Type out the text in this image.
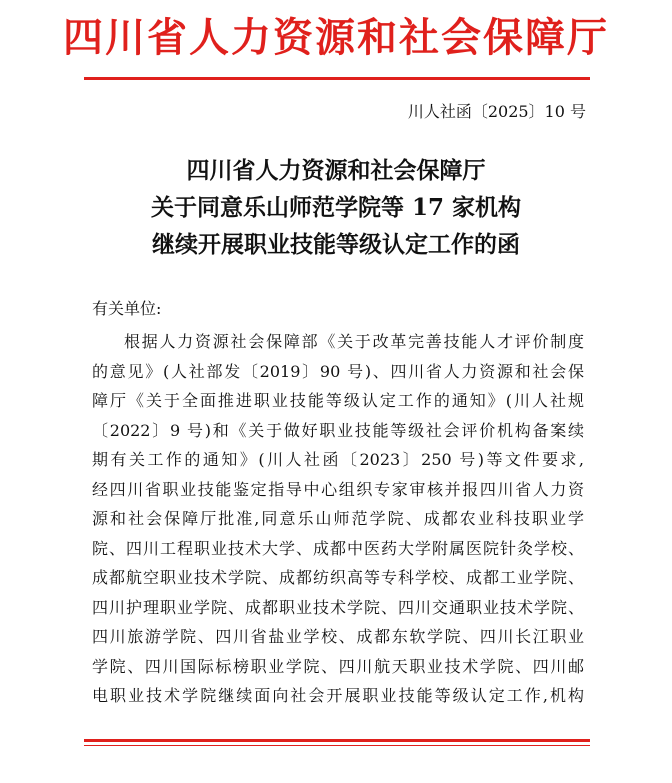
四川省人力资源和社会保障厅
川人社函〔2025〕10 号
四川省人力资源和社会保障厅
关于同意乐山师范学院等 17 家机构
继续开展职业技能等级认定工作的函
有关单位:
根据人力资源社会保障部《关于改革完善技能人才评价制度
的意见》(人社部发〔2019〕90 号)、四川省人力资源和社会保
障厅《关于全面推进职业技能等级认定工作的通知》(川人社规
〔2022〕9 号)和《关于做好职业技能等级社会评价机构备案续
期有关工作的通知》(川人社函〔2023〕250 号)等文件要求,
经四川省职业技能鉴定指导中心组织专家审核并报四川省人力资
源和社会保障厅批准,同意乐山师范学院、成都农业科技职业学
院、四川工程职业技术大学、成都中医药大学附属医院针灸学校、
成都航空职业技术学院、成都纺织高等专科学校、成都工业学院、
四川护理职业学院、成都职业技术学院、四川交通职业技术学院、
四川旅游学院、四川省盐业学校、成都东软学院、四川长江职业
学院、四川国际标榜职业学院、四川航天职业技术学院、四川邮
电职业技术学院继续面向社会开展职业技能等级认定工作,机构
